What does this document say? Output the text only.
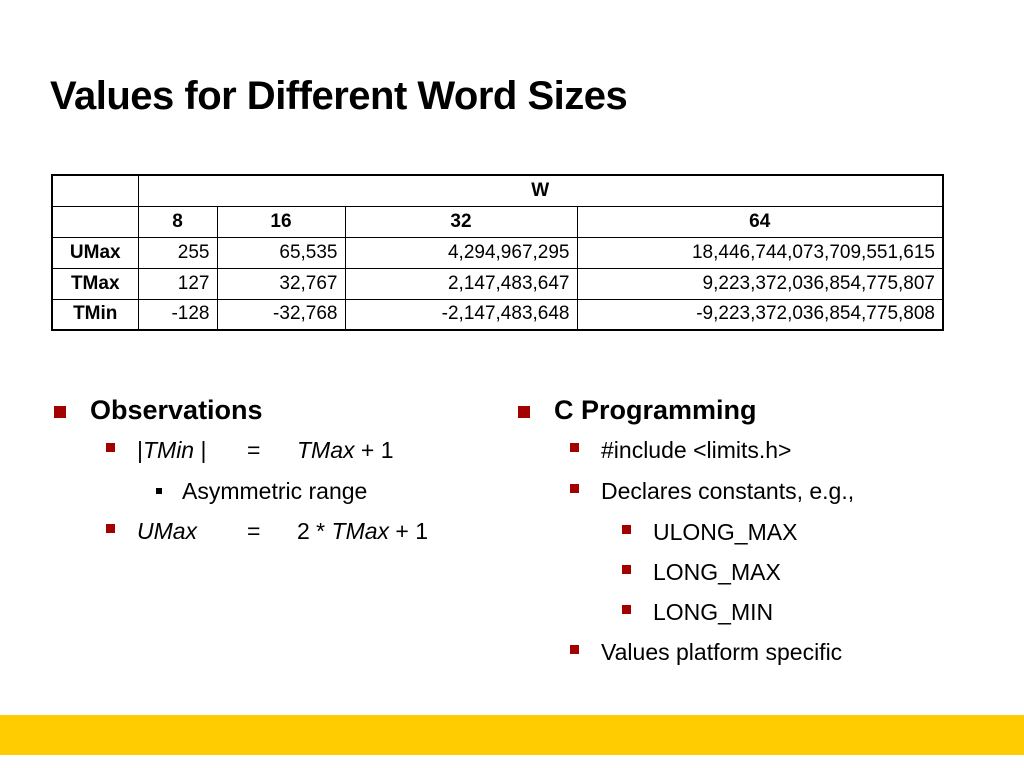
Values for Different Word Sizes
	W			
	8	16	32	64
UMax	255	65,535	4,294,967,295	18,446,744,073,709,551,615
TMax	127	32,767	2,147,483,647	9,223,372,036,854,775,807
TMin	-128	-32,768	-2,147,483,648	-9,223,372,036,854,775,808
Observations
|TMin |	=	TMax + 1
Asymmetric range
UMax	=	2 * TMax + 1
C Programming
#include <limits.h>
Declares constants, e.g.,
ULONG_MAX
LONG_MAX
LONG_MIN
Values platform specific
